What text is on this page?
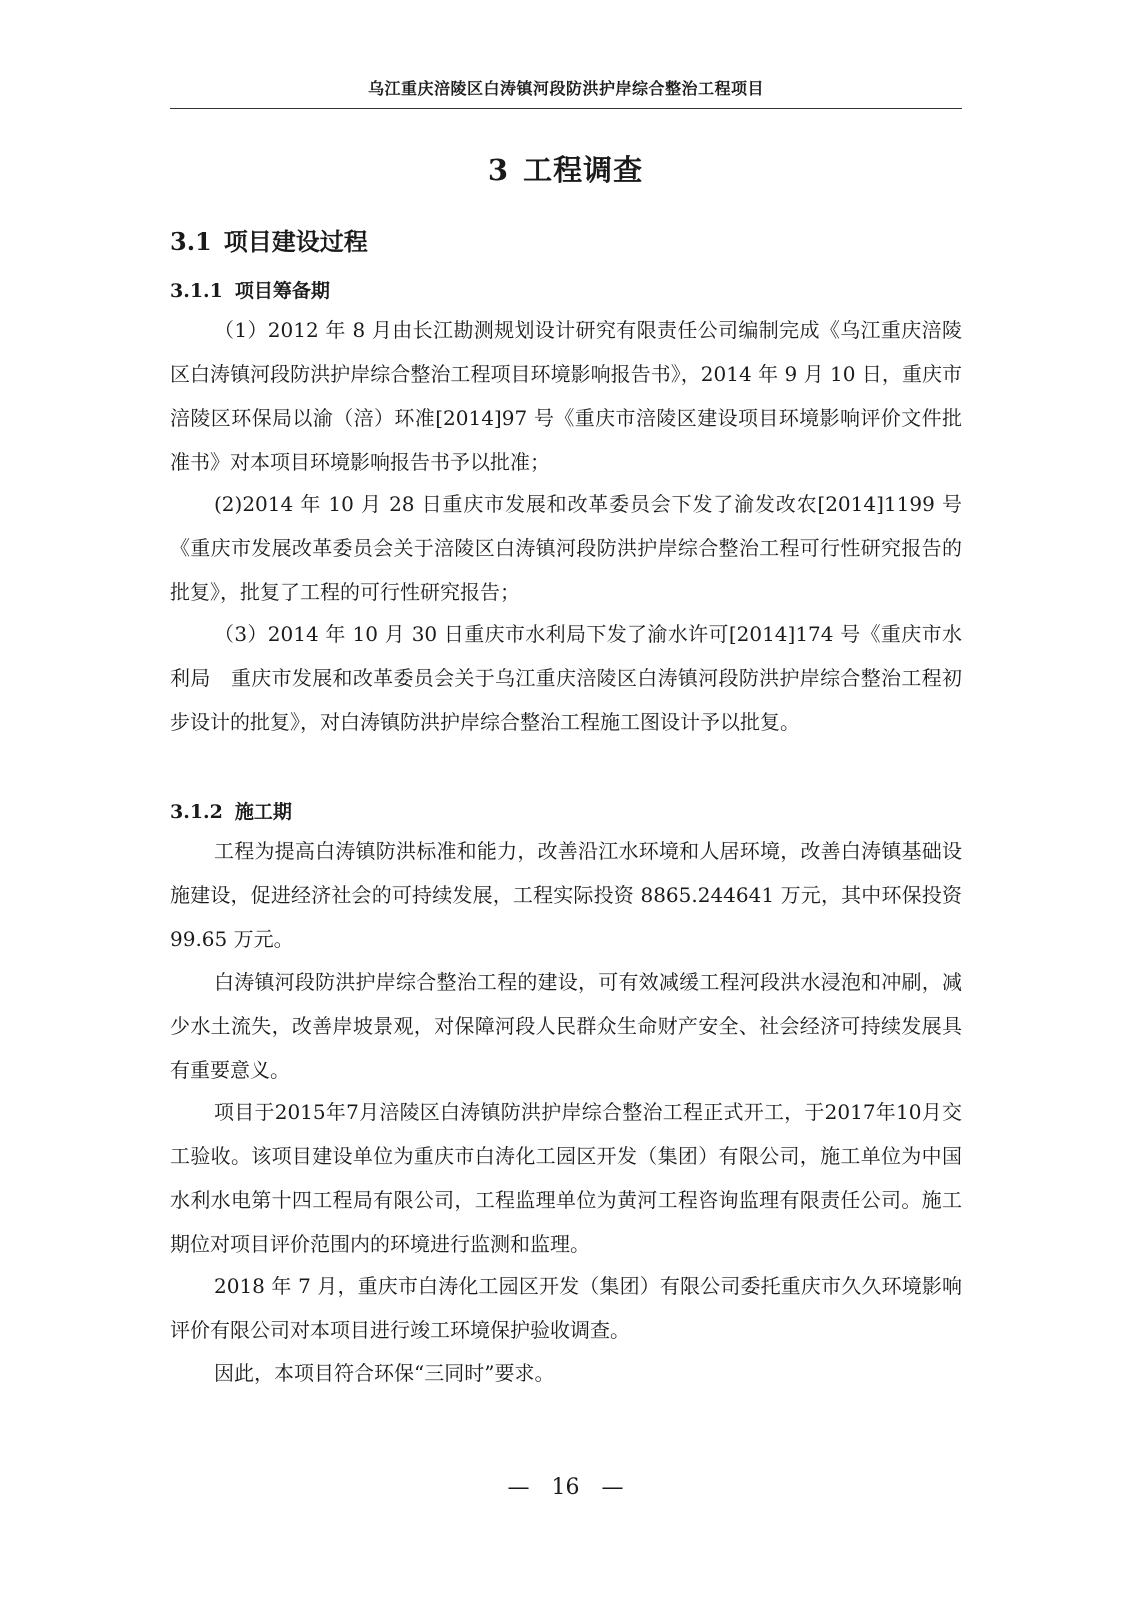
乌江重庆涪陵区白涛镇河段防洪护岸综合整治工程项目
3 工程调查
3.1 项目建设过程
3.1.1 项目筹备期

（1）2012 年 8 月由长江勘测规划设计研究有限责任公司编制完成《乌江重庆涪陵区白涛镇河段防洪护岸综合整治工程项目环境影响报告书》，2014 年 9 月 10 日，重庆市涪陵区环保局以渝（涪）环准[2014]97 号《重庆市涪陵区建设项目环境影响评价文件批准书》对本项目环境影响报告书予以批准；

(2)2014 年 10 月 28 日重庆市发展和改革委员会下发了渝发改农[2014]1199 号《重庆市发展改革委员会关于涪陵区白涛镇河段防洪护岸综合整治工程可行性研究报告的批复》，批复了工程的可行性研究报告；

（3）2014 年 10 月 30 日重庆市水利局下发了渝水许可[2014]174 号《重庆市水利局　重庆市发展和改革委员会关于乌江重庆涪陵区白涛镇河段防洪护岸综合整治工程初步设计的批复》，对白涛镇防洪护岸综合整治工程施工图设计予以批复。

3.1.2 施工期

工程为提高白涛镇防洪标准和能力，改善沿江水环境和人居环境，改善白涛镇基础设施建设，促进经济社会的可持续发展，工程实际投资 8865.244641 万元，其中环保投资 99.65 万元。

白涛镇河段防洪护岸综合整治工程的建设，可有效减缓工程河段洪水浸泡和冲刷，减少水土流失，改善岸坡景观，对保障河段人民群众生命财产安全、社会经济可持续发展具有重要意义。

项目于2015年7月涪陵区白涛镇防洪护岸综合整治工程正式开工，于2017年10月交工验收。该项目建设单位为重庆市白涛化工园区开发（集团）有限公司，施工单位为中国水利水电第十四工程局有限公司，工程监理单位为黄河工程咨询监理有限责任公司。施工期位对项目评价范围内的环境进行监测和监理。

2018 年 7 月，重庆市白涛化工园区开发（集团）有限公司委托重庆市久久环境影响评价有限公司对本项目进行竣工环境保护验收调查。

因此，本项目符合环保“三同时”要求。

—　16　—
